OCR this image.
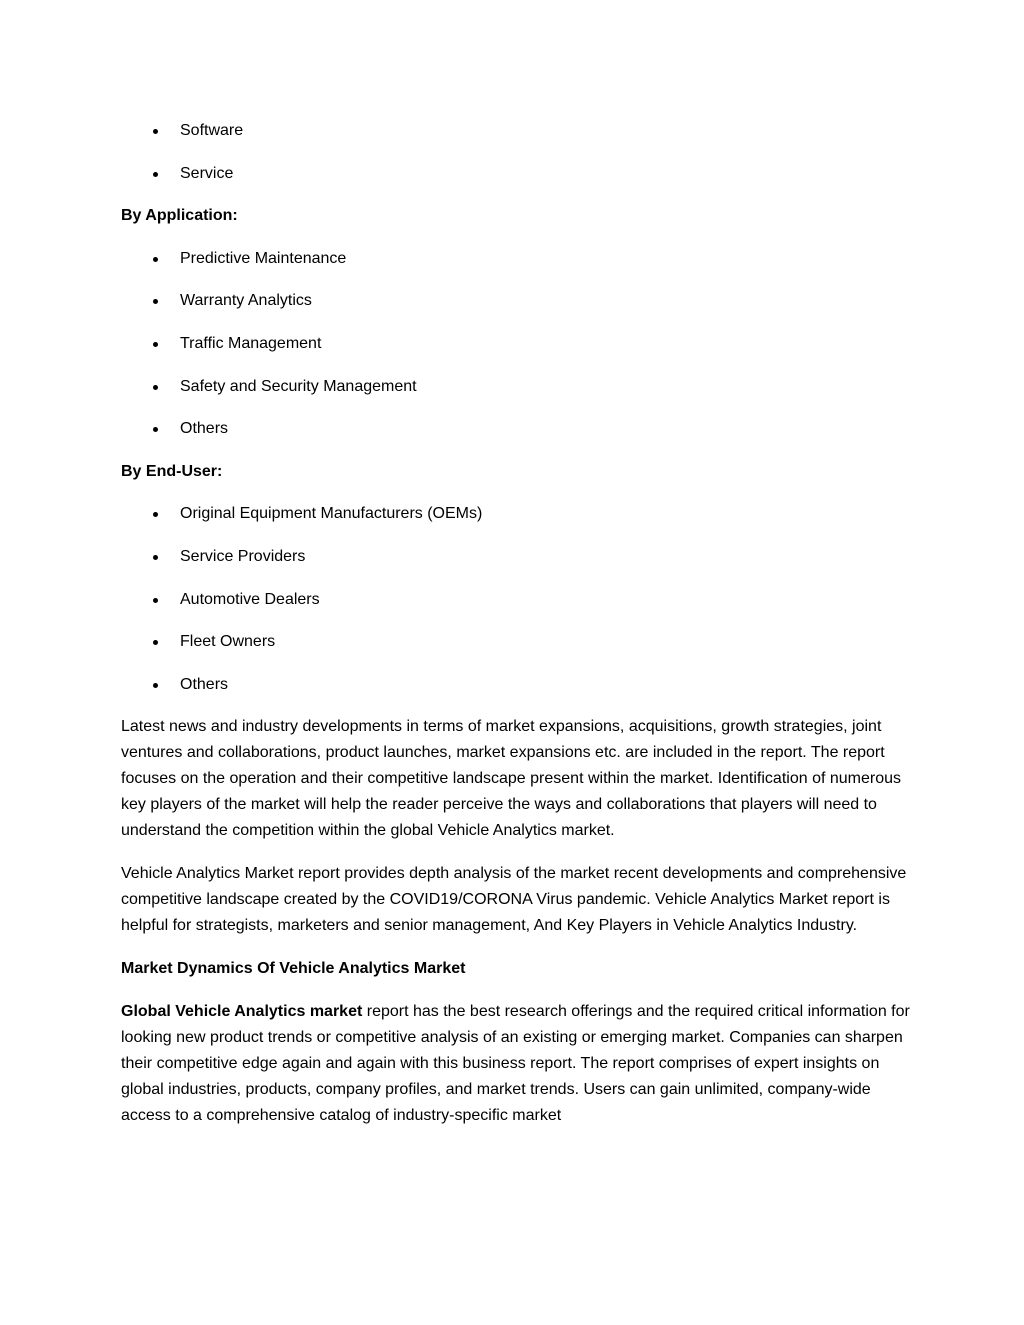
Software
Service
By Application:
Predictive Maintenance
Warranty Analytics
Traffic Management
Safety and Security Management
Others
By End-User:
Original Equipment Manufacturers (OEMs)
Service Providers
Automotive Dealers
Fleet Owners
Others

Latest news and industry developments in terms of market expansions, acquisitions, growth strategies, joint ventures and collaborations, product launches, market expansions etc. are included in the report. The report focuses on the operation and their competitive landscape present within the market. Identification of numerous key players of the market will help the reader perceive the ways and collaborations that players will need to understand the competition within the global Vehicle Analytics market.

Vehicle Analytics Market report provides depth analysis of the market recent developments and comprehensive competitive landscape created by the COVID19/CORONA Virus pandemic. Vehicle Analytics Market report is helpful for strategists, marketers and senior management, And Key Players in Vehicle Analytics Industry.

Market Dynamics Of Vehicle Analytics Market

Global Vehicle Analytics market report has the best research offerings and the required critical information for looking new product trends or competitive analysis of an existing or emerging market. Companies can sharpen their competitive edge again and again with this business report. The report comprises of expert insights on global industries, products, company profiles, and market trends. Users can gain unlimited, company-wide access to a comprehensive catalog of industry-specific market
